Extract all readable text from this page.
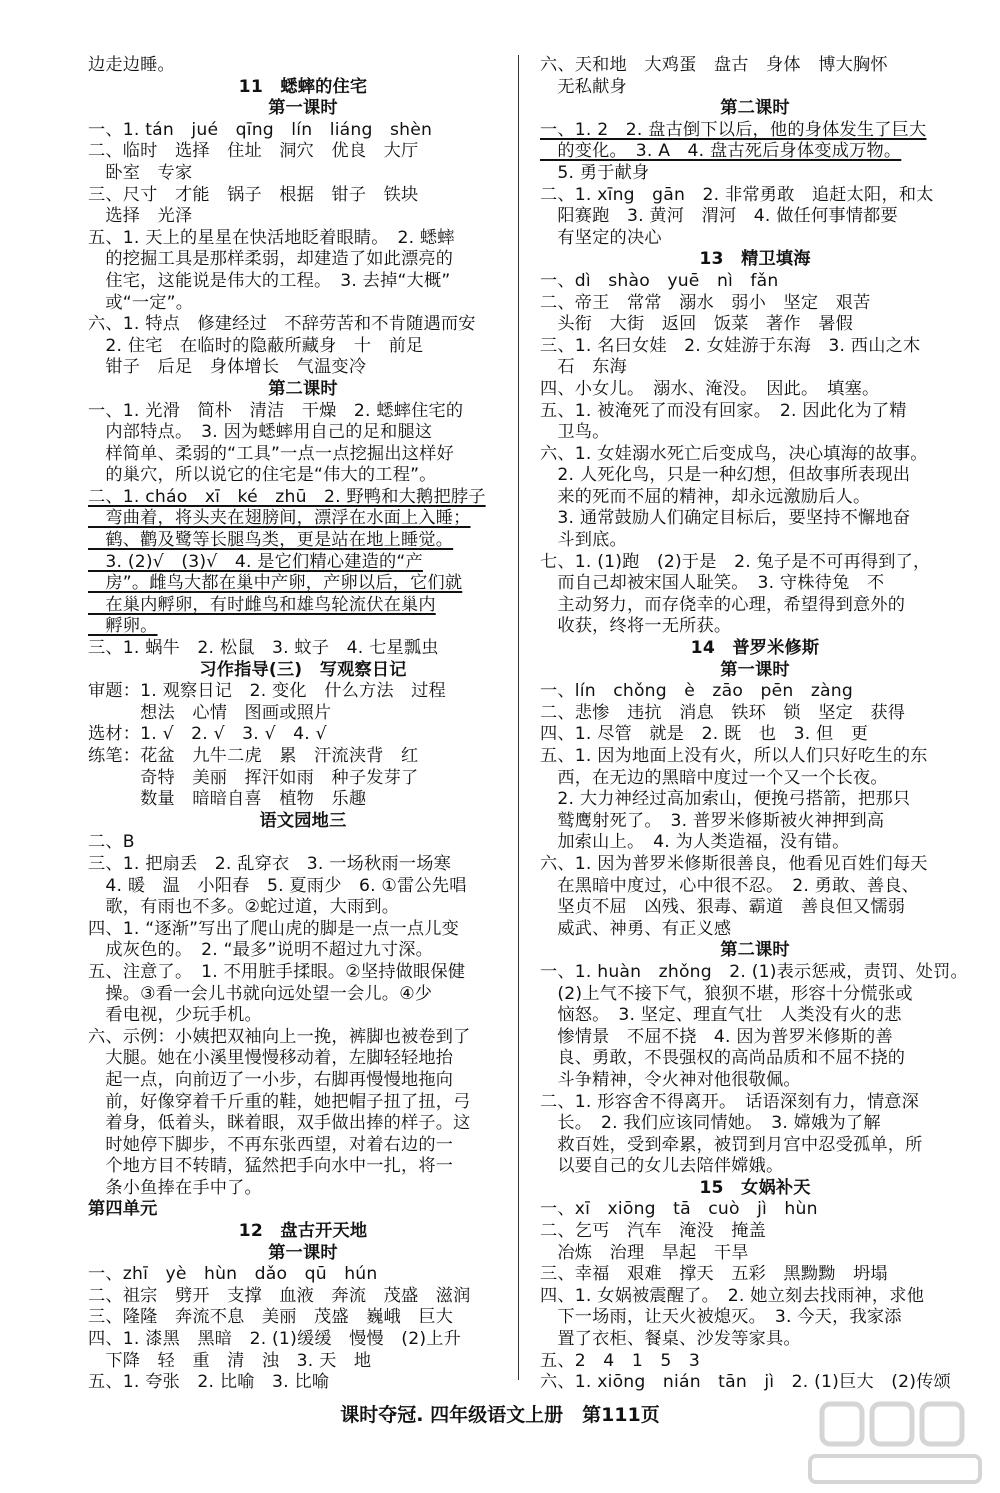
边走边睡。
11　蟋蟀的住宅
第一课时
一、1. tán　jué　qīng　lín　liáng　shèn
二、临时　选择　住址　洞穴　优良　大厅
　卧室　专家
三、尺寸　才能　锅子　根据　钳子　铁块
　选择　光泽
五、1. 天上的星星在快活地眨着眼睛。　2. 蟋蟀
　的挖掘工具是那样柔弱，却建造了如此漂亮的
　住宅，这能说是伟大的工程。　3. 去掉“大概”
　或“一定”。
六、1. 特点　修建经过　不辞劳苦和不肯随遇而安
　2. 住宅　在临时的隐蔽所藏身　十　前足
　钳子　后足　身体增长　气温变冷
第二课时
一、1. 光滑　简朴　清洁　干燥　2. 蟋蟀住宅的
　内部特点。　3. 因为蟋蟀用自己的足和腿这
　样简单、柔弱的“工具”一点一点挖掘出这样好
　的巢穴，所以说它的住宅是“伟大的工程”。
二、1. cháo　xī　ké　zhū　2. 野鸭和大鹅把脖子
　弯曲着，将头夹在翅膀间，漂浮在水面上入睡；
　鹤、鹳及鹭等长腿鸟类，更是站在地上睡觉。
　3. (2)√　(3)√　4. 是它们精心建造的“产
　房”。雌鸟大都在巢中产卵，产卵以后，它们就
　在巢内孵卵，有时雌鸟和雄鸟轮流伏在巢内
　孵卵。
三、1. 蜗牛　2. 松鼠　3. 蚊子　4. 七星瓢虫
习作指导(三)　写观察日记
审题：1. 观察日记　2. 变化　什么方法　过程
　　　想法　心情　图画或照片
选材：1. √　2. √　3. √　4. √
练笔：花盆　九牛二虎　累　汗流浃背　红
　　　奇特　美丽　挥汗如雨　种子发芽了
　　　数量　暗暗自喜　植物　乐趣
语文园地三
二、B
三、1. 把扇丢　2. 乱穿衣　3. 一场秋雨一场寒
　4. 暖　温　小阳春　5. 夏雨少　6. ①雷公先唱
　歌，有雨也不多。②蛇过道，大雨到。
四、1. “逐渐”写出了爬山虎的脚是一点一点儿变
　成灰色的。　2. “最多”说明不超过九寸深。
五、注意了。　1. 不用脏手揉眼。②坚持做眼保健
　操。③看一会儿书就向远处望一会儿。④少
　看电视，少玩手机。
六、示例：小姨把双袖向上一挽，裤脚也被卷到了
　大腿。她在小溪里慢慢移动着，左脚轻轻地抬
　起一点，向前迈了一小步，右脚再慢慢地拖向
　前，好像穿着千斤重的鞋，她把帽子扭了扭，弓
　着身，低着头，眯着眼，双手做出捧的样子。这
　时她停下脚步，不再东张西望，对着右边的一
　个地方目不转睛，猛然把手向水中一扎，将一
　条小鱼捧在手中了。
第四单元
12　盘古开天地
第一课时
一、zhī　yè　hùn　dǎo　qū　hún
二、祖宗　劈开　支撑　血液　奔流　茂盛　滋润
三、隆隆　奔流不息　美丽　茂盛　巍峨　巨大
四、1. 漆黑　黑暗　2. (1)缓缓　慢慢　(2)上升
　下降　轻　重　清　浊　3. 天　地
五、1. 夸张　2. 比喻　3. 比喻
六、天和地　大鸡蛋　盘古　身体　博大胸怀
　无私献身
第二课时
一、1. 2　2. 盘古倒下以后，他的身体发生了巨大
　的变化。　3. A　4. 盘古死后身体变成万物。
　5. 勇于献身
二、1. xīng　gān　2. 非常勇敢　追赶太阳，和太
　阳赛跑　3. 黄河　渭河　4. 做任何事情都要
　有坚定的决心
13　精卫填海
一、dì　shào　yuē　nì　fǎn
二、帝王　常常　溺水　弱小　坚定　艰苦
　头衔　大街　返回　饭菜　著作　暑假
三、1. 名曰女娃　2. 女娃游于东海　3. 西山之木
　石　东海
四、小女儿。　溺水、淹没。　因此。　填塞。
五、1. 被淹死了而没有回家。　2. 因此化为了精
　卫鸟。
六、1. 女娃溺水死亡后变成鸟，决心填海的故事。
　2. 人死化鸟，只是一种幻想，但故事所表现出
　来的死而不屈的精神，却永远激励后人。
　3. 通常鼓励人们确定目标后，要坚持不懈地奋
　斗到底。
七、1. (1)跑　(2)于是　2. 兔子是不可再得到了，
　而自己却被宋国人耻笑。　3. 守株待兔　不
　主动努力，而存侥幸的心理，希望得到意外的
　收获，终将一无所获。
14　普罗米修斯
第一课时
一、lín　chǒng　è　zāo　pēn　zàng
二、悲惨　违抗　消息　铁环　锁　坚定　获得
四、1. 尽管　就是　2. 既　也　3. 但　更
五、1. 因为地面上没有火，所以人们只好吃生的东
　西，在无边的黑暗中度过一个又一个长夜。
　2. 大力神经过高加索山，便挽弓搭箭，把那只
　鹫鹰射死了。　3. 普罗米修斯被火神押到高
　加索山上。　4. 为人类造福，没有错。
六、1. 因为普罗米修斯很善良，他看见百姓们每天
　在黑暗中度过，心中很不忍。　2. 勇敢、善良、
　坚贞不屈　凶残、狠毒、霸道　善良但又懦弱
　威武、神勇、有正义感
第二课时
一、1. huàn　zhǒng　2. (1)表示惩戒，责罚、处罚。
　(2)上气不接下气，狼狈不堪，形容十分慌张或
　恼怒。　3. 坚定、理直气壮　人类没有火的悲
　惨情景　不屈不挠　4. 因为普罗米修斯的善
　良、勇敢，不畏强权的高尚品质和不屈不挠的
　斗争精神，令火神对他很敬佩。
二、1. 形容舍不得离开。　话语深刻有力，情意深
　长。　2. 我们应该同情她。　3. 嫦娥为了解
　救百姓，受到牵累，被罚到月宫中忍受孤单，所
　以要自己的女儿去陪伴嫦娥。
15　女娲补天
一、xī　xiōng　tā　cuò　jì　hùn
二、乞丐　汽车　淹没　掩盖
　冶炼　治理　旱起　干旱
三、幸福　艰难　撑天　五彩　黑黝黝　坍塌
四、1. 女娲被震醒了。　2. 她立刻去找雨神，求他
　下一场雨，让天火被熄灭。　3. 今天，我家添
　置了衣柜、餐桌、沙发等家具。
五、2　4　1　5　3
六、1. xiōng　nián　tān　jì　2. (1)巨大　(2)传颂
课时夺冠. 四年级语文上册　第111页
